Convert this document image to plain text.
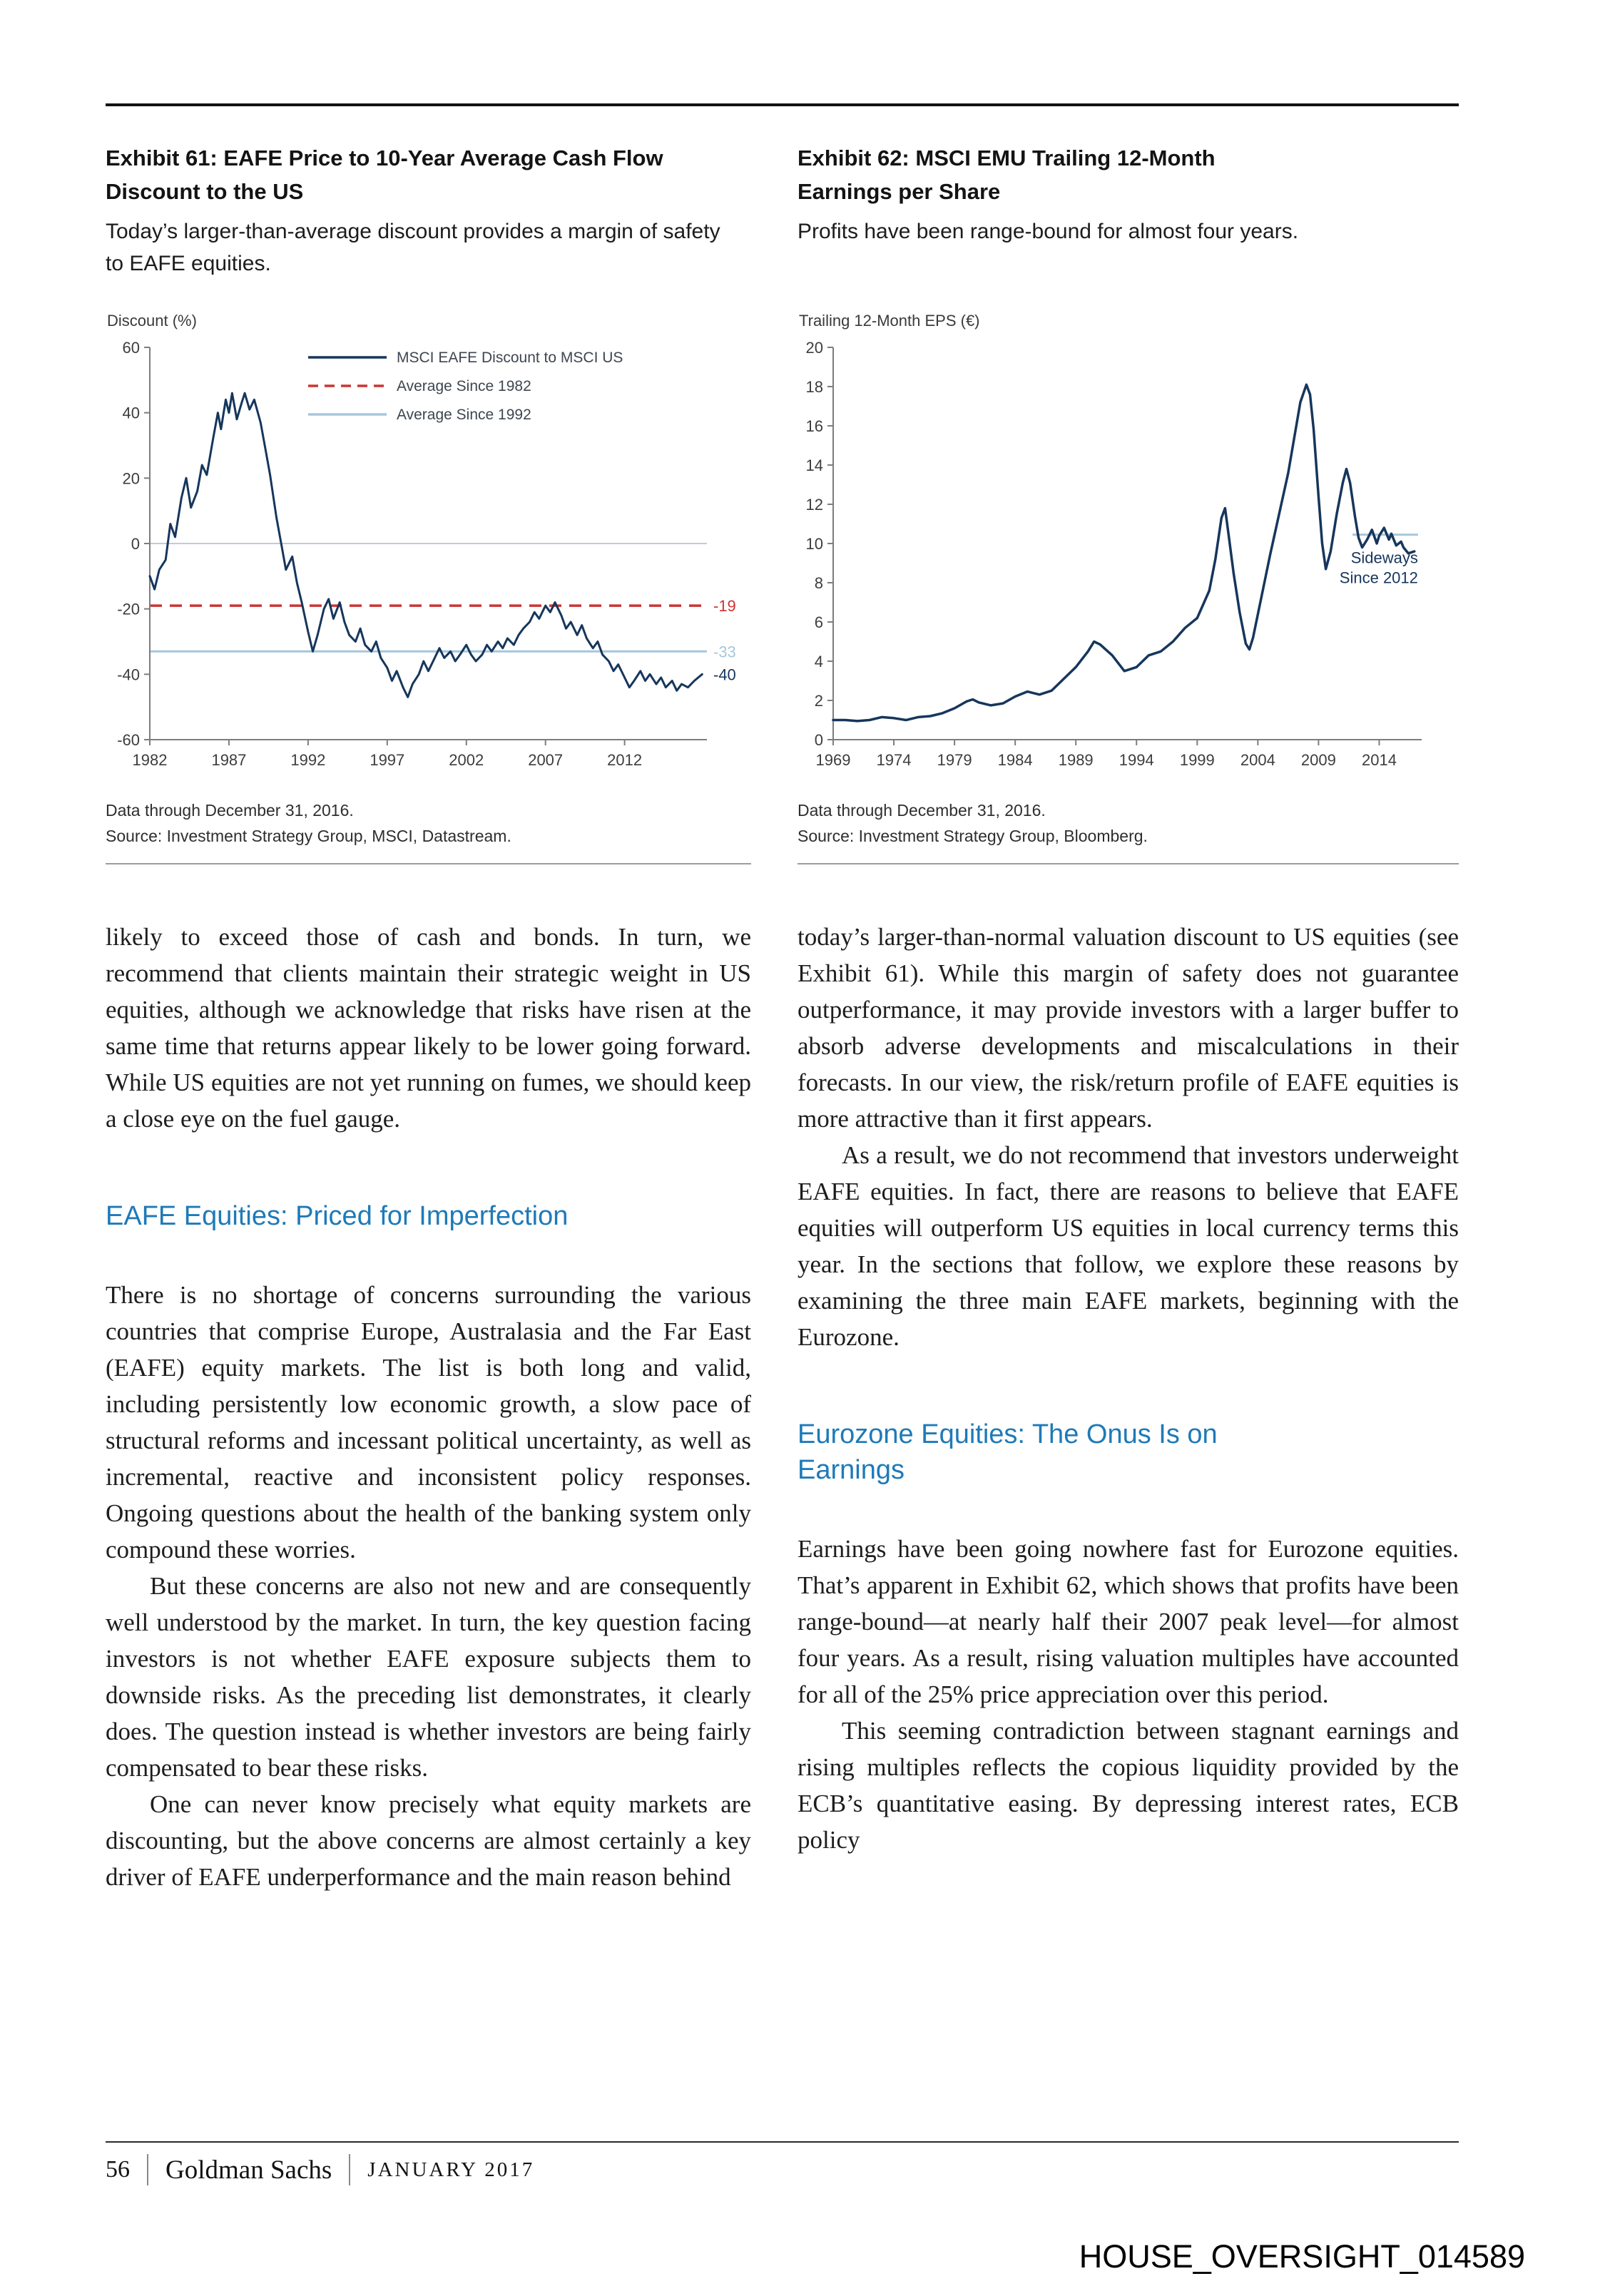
Exhibit 61: EAFE Price to 10-Year Average Cash Flow Discount to the US

Today’s larger-than-average discount provides a margin of safety to EAFE equities.

Discount (%)
-19
-33
60
40
20
0
-20
-40
-60
1982	1987	1992	1997	2002	2007	2012
-40
MSCI EAFE Discount to MSCI US
Average Since 1982
Average Since 1992

Data through December 31, 2016.

Source: Investment Strategy Group, MSCI, Datastream.

Exhibit 62: MSCI EMU Trailing 12-Month Earnings per Share

Profits have been range-bound for almost four years.

Trailing 12-Month EPS (€)
0
2
4
6
8
10
12
14
16
18
20
1969 1974 1979 1984 1989 1994 1999 2004 2009 2014
Sideways
Since 2012

Data through December 31, 2016.

Source: Investment Strategy Group, Bloomberg.

likely to exceed those of cash and bonds. In turn, we recommend that clients maintain their strategic weight in US equities, although we acknowledge that risks have risen at the same time that returns appear likely to be lower going forward. While US equities are not yet running on fumes, we should keep a close eye on the fuel gauge.

EAFE Equities: Priced for Imperfection

There is no shortage of concerns surrounding the various countries that comprise Europe, Australasia and the Far East (EAFE) equity markets. The list is both long and valid, including persistently low economic growth, a slow pace of structural reforms and incessant political uncertainty, as well as incremental, reactive and inconsistent policy responses. Ongoing questions about the health of the banking system only compound these worries.

But these concerns are also not new and are consequently well understood by the market. In turn, the key question facing investors is not whether EAFE exposure subjects them to downside risks. As the preceding list demonstrates, it clearly does. The question instead is whether investors are being fairly compensated to bear these risks.

One can never know precisely what equity markets are discounting, but the above concerns are almost certainly a key driver of EAFE underperformance and the main reason behind

today’s larger-than-normal valuation discount to US equities (see Exhibit 61). While this margin of safety does not guarantee outperformance, it may provide investors with a larger buffer to absorb adverse developments and miscalculations in their forecasts. In our view, the risk/return profile of EAFE equities is more attractive than it first appears.

As a result, we do not recommend that investors underweight EAFE equities. In fact, there are reasons to believe that EAFE equities will outperform US equities in local currency terms this year. In the sections that follow, we explore these reasons by examining the three main EAFE markets, beginning with the Eurozone.

Eurozone Equities: The Onus Is on Earnings

Earnings have been going nowhere fast for Eurozone equities. That’s apparent in Exhibit 62, which shows that profits have been range-bound—at nearly half their 2007 peak level—for almost four years. As a result, rising valuation multiples have accounted for all of the 25% price appreciation over this period.

This seeming contradiction between stagnant earnings and rising multiples reflects the copious liquidity provided by the ECB’s quantitative easing. By depressing interest rates, ECB policy

56 Goldman Sachs JANUARY 2017
HOUSE_OVERSIGHT_014589
